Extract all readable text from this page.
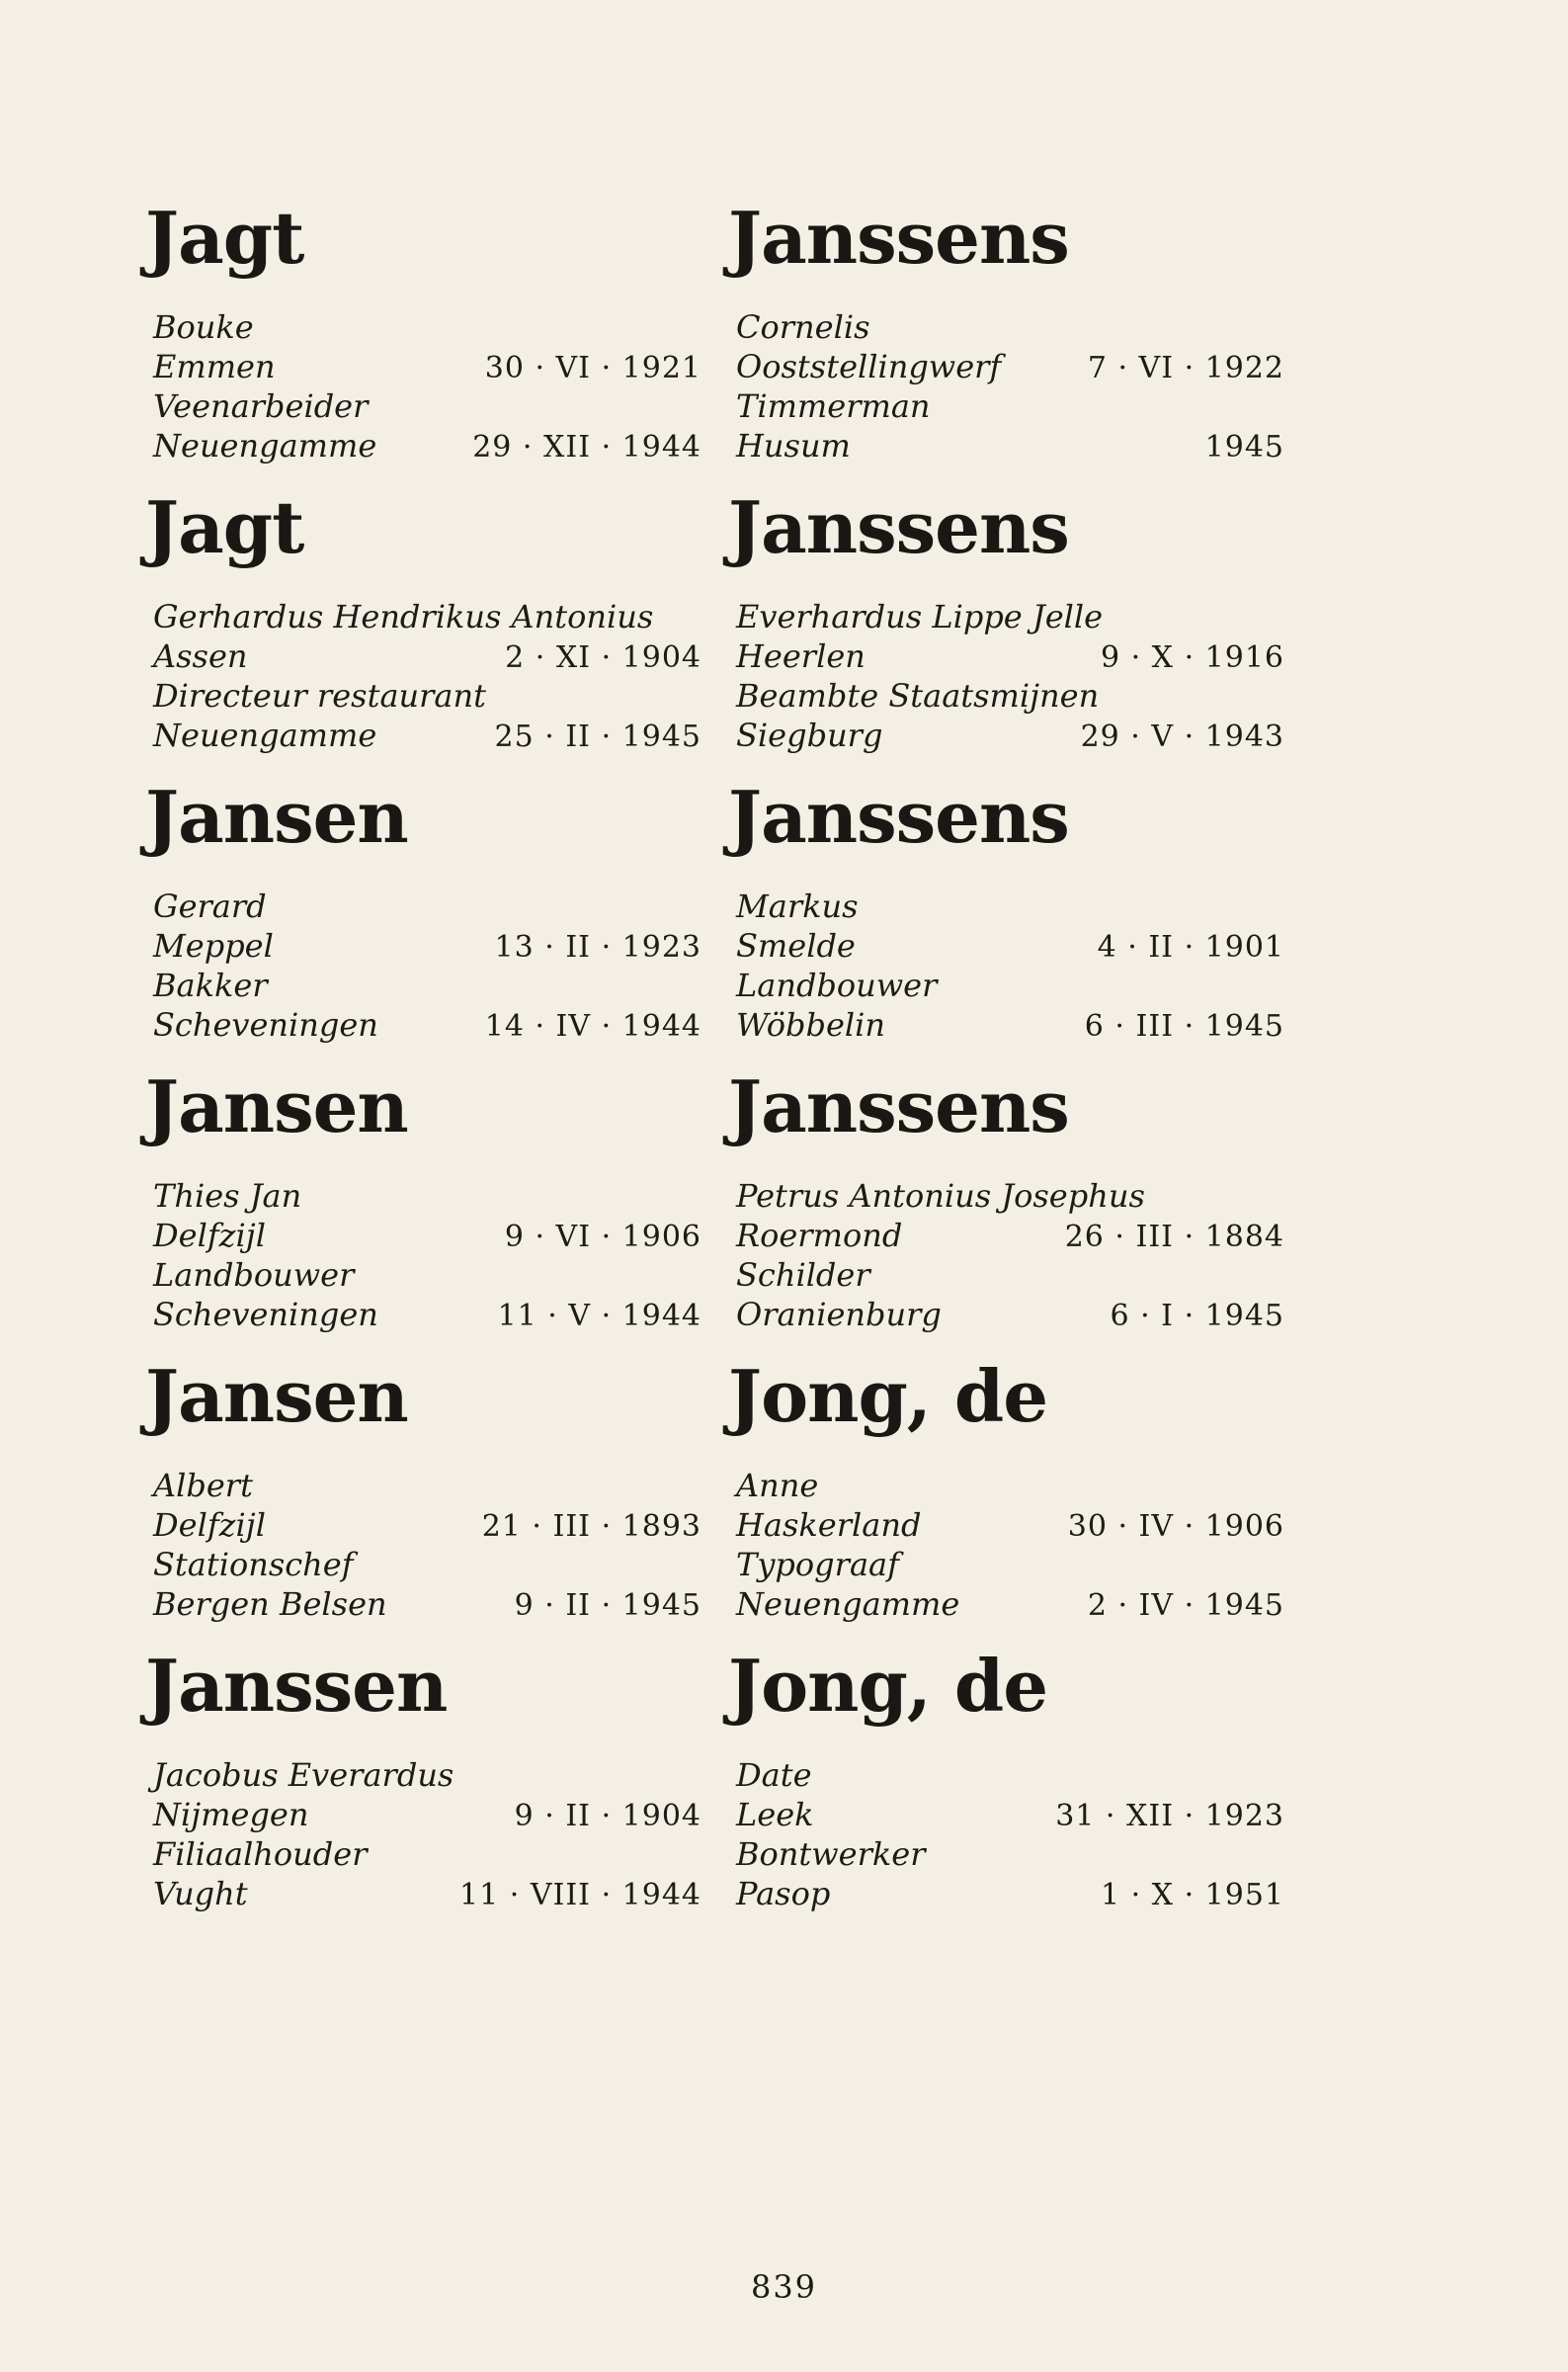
Jagt
Bouke
Emmen	30 · VI · 1921
Veenarbeider
Neuengamme	29 · XII · 1944
Jagt
Gerhardus Hendrikus Antonius
Assen	2 · XI · 1904
Directeur restaurant
Neuengamme	25 · II · 1945
Jansen
Gerard
Meppel	13 · II · 1923
Bakker
Scheveningen	14 · IV · 1944
Jansen
Thies Jan
Delfzijl	9 · VI · 1906
Landbouwer
Scheveningen	11 · V · 1944
Jansen
Albert
Delfzijl	21 · III · 1893
Stationschef
Bergen Belsen	9 · II · 1945
Janssen
Jacobus Everardus
Nijmegen	9 · II · 1904
Filiaalhouder
Vught	11 · VIII · 1944
Janssens
Cornelis
Ooststellingwerf	7 · VI · 1922
Timmerman
Husum	1945
Janssens
Everhardus Lippe Jelle
Heerlen	9 · X · 1916
Beambte Staatsmijnen
Siegburg	29 · V · 1943
Janssens
Markus
Smelde	4 · II · 1901
Landbouwer
Wöbbelin	6 · III · 1945
Janssens
Petrus Antonius Josephus
Roermond	26 · III · 1884
Schilder
Oranienburg	6 · I · 1945
Jong, de
Anne
Haskerland	30 · IV · 1906
Typograaf
Neuengamme	2 · IV · 1945
Jong, de
Date
Leek	31 · XII · 1923
Bontwerker
Pasop	1 · X · 1951
839
